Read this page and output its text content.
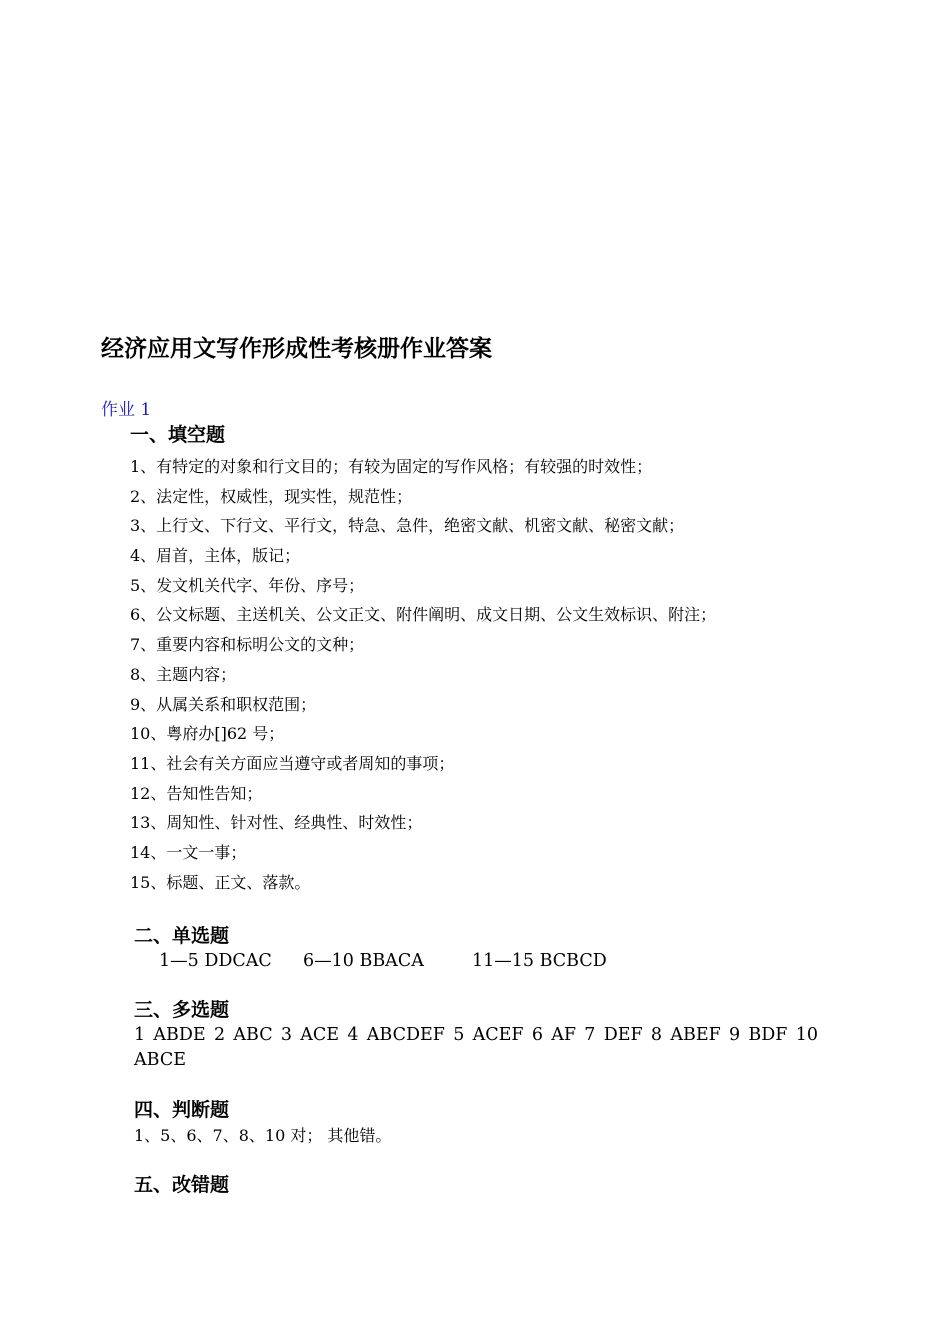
经济应用文写作形成性考核册作业答案
作业 1
一、填空题
1、有特定的对象和行文目的；有较为固定的写作风格；有较强的时效性；
2、法定性，权威性，现实性，规范性；
3、上行文、下行文、平行文，特急、急件，绝密文献、机密文献、秘密文献；
4、眉首，主体，版记；
5、发文机关代字、年份、序号；
6、公文标题、主送机关、公文正文、附件阐明、成文日期、公文生效标识、附注；
7、重要内容和标明公文的文种；
8、主题内容；
9、从属关系和职权范围；
10、粤府办[]62 号；
11、社会有关方面应当遵守或者周知的事项；
12、告知性告知；
13、周知性、针对性、经典性、时效性；
14、一文一事；
15、标题、正文、落款。
二、单选题
1—5 DDCAC 6—10 BBACA	11—15 BCBCD
三、多选题
1 ABDE 2 ABC 3 ACE 4 ABCDEF 5 ACEF 6 AF 7 DEF 8 ABEF 9 BDF 10 ABCE
四、判断题
1、5、6、7、8、10 对； 其他错。
五、改错题
